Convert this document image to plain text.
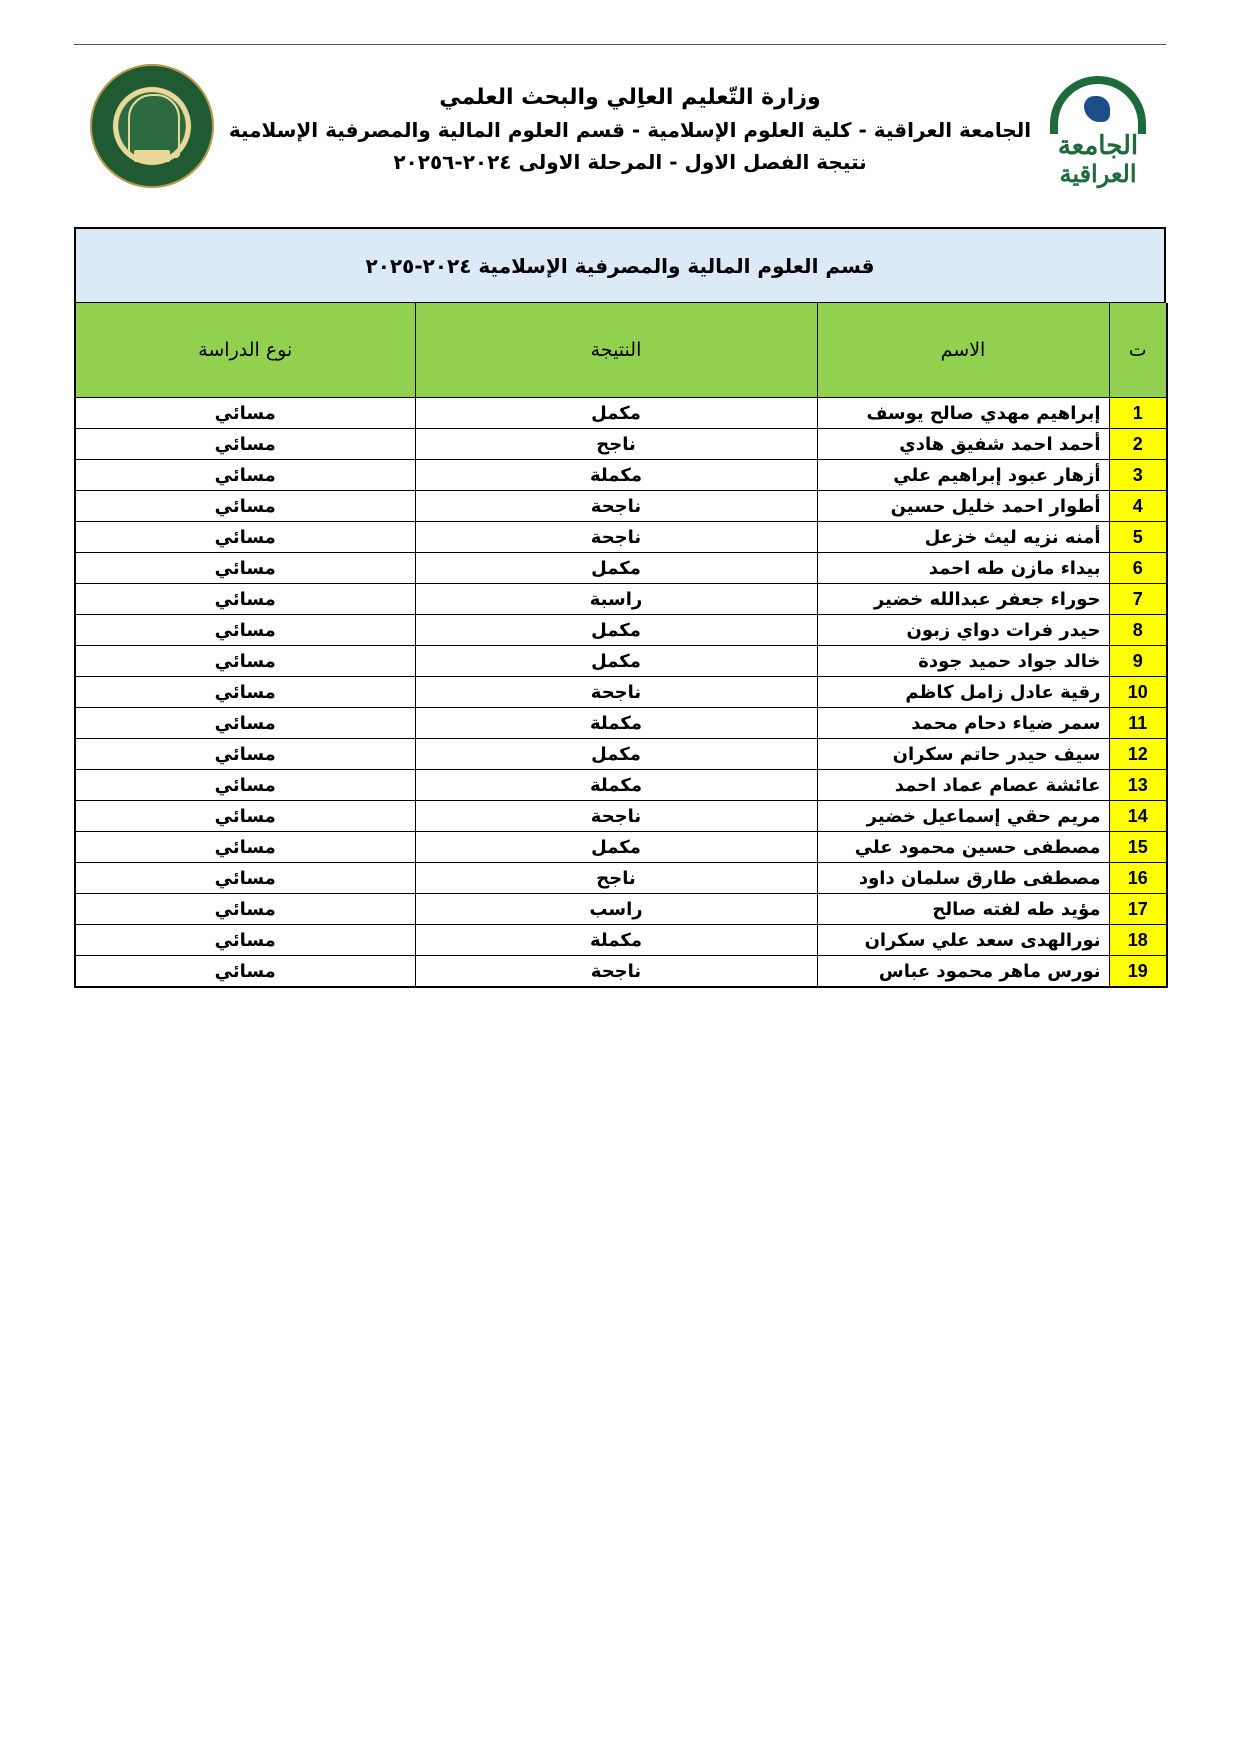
وزارة التّعليم العاِلي والبحث العلمي
الجامعة العراقية - كلية العلوم الإسلامية - قسم العلوم المالية والمصرفية الإسلامية
نتيجة الفصل الاول - المرحلة الاولى ٢٠٢٤-٢٠٢٥٦
الجامعة
العراقية
قسم العلوم المالية والمصرفية الإسلامية ٢٠٢٤-٢٠٢٥
ت	الاسم	النتيجة	نوع الدراسة
1	إبراهيم مهدي صالح يوسف	مكمل	مسائي
2	أحمد احمد شفيق هادي	ناجح	مسائي
3	أزهار عبود إبراهيم علي	مكملة	مسائي
4	أطوار احمد خليل حسين	ناجحة	مسائي
5	أمنه نزيه ليث خزعل	ناجحة	مسائي
6	بيداء مازن طه احمد	مكمل	مسائي
7	حوراء جعفر عبدالله خضير	راسبة	مسائي
8	حيدر فرات دواي زبون	مكمل	مسائي
9	خالد جواد حميد جودة	مكمل	مسائي
10	رقية عادل زامل كاظم	ناجحة	مسائي
11	سمر ضياء دحام محمد	مكملة	مسائي
12	سيف حيدر حاتم سكران	مكمل	مسائي
13	عائشة عصام عماد احمد	مكملة	مسائي
14	مريم حقي إسماعيل خضير	ناجحة	مسائي
15	مصطفى حسين محمود علي	مكمل	مسائي
16	مصطفى طارق سلمان داود	ناجح	مسائي
17	مؤيد طه لفته صالح	راسب	مسائي
18	نورالهدى سعد علي سكران	مكملة	مسائي
19	نورس ماهر محمود عباس	ناجحة	مسائي
